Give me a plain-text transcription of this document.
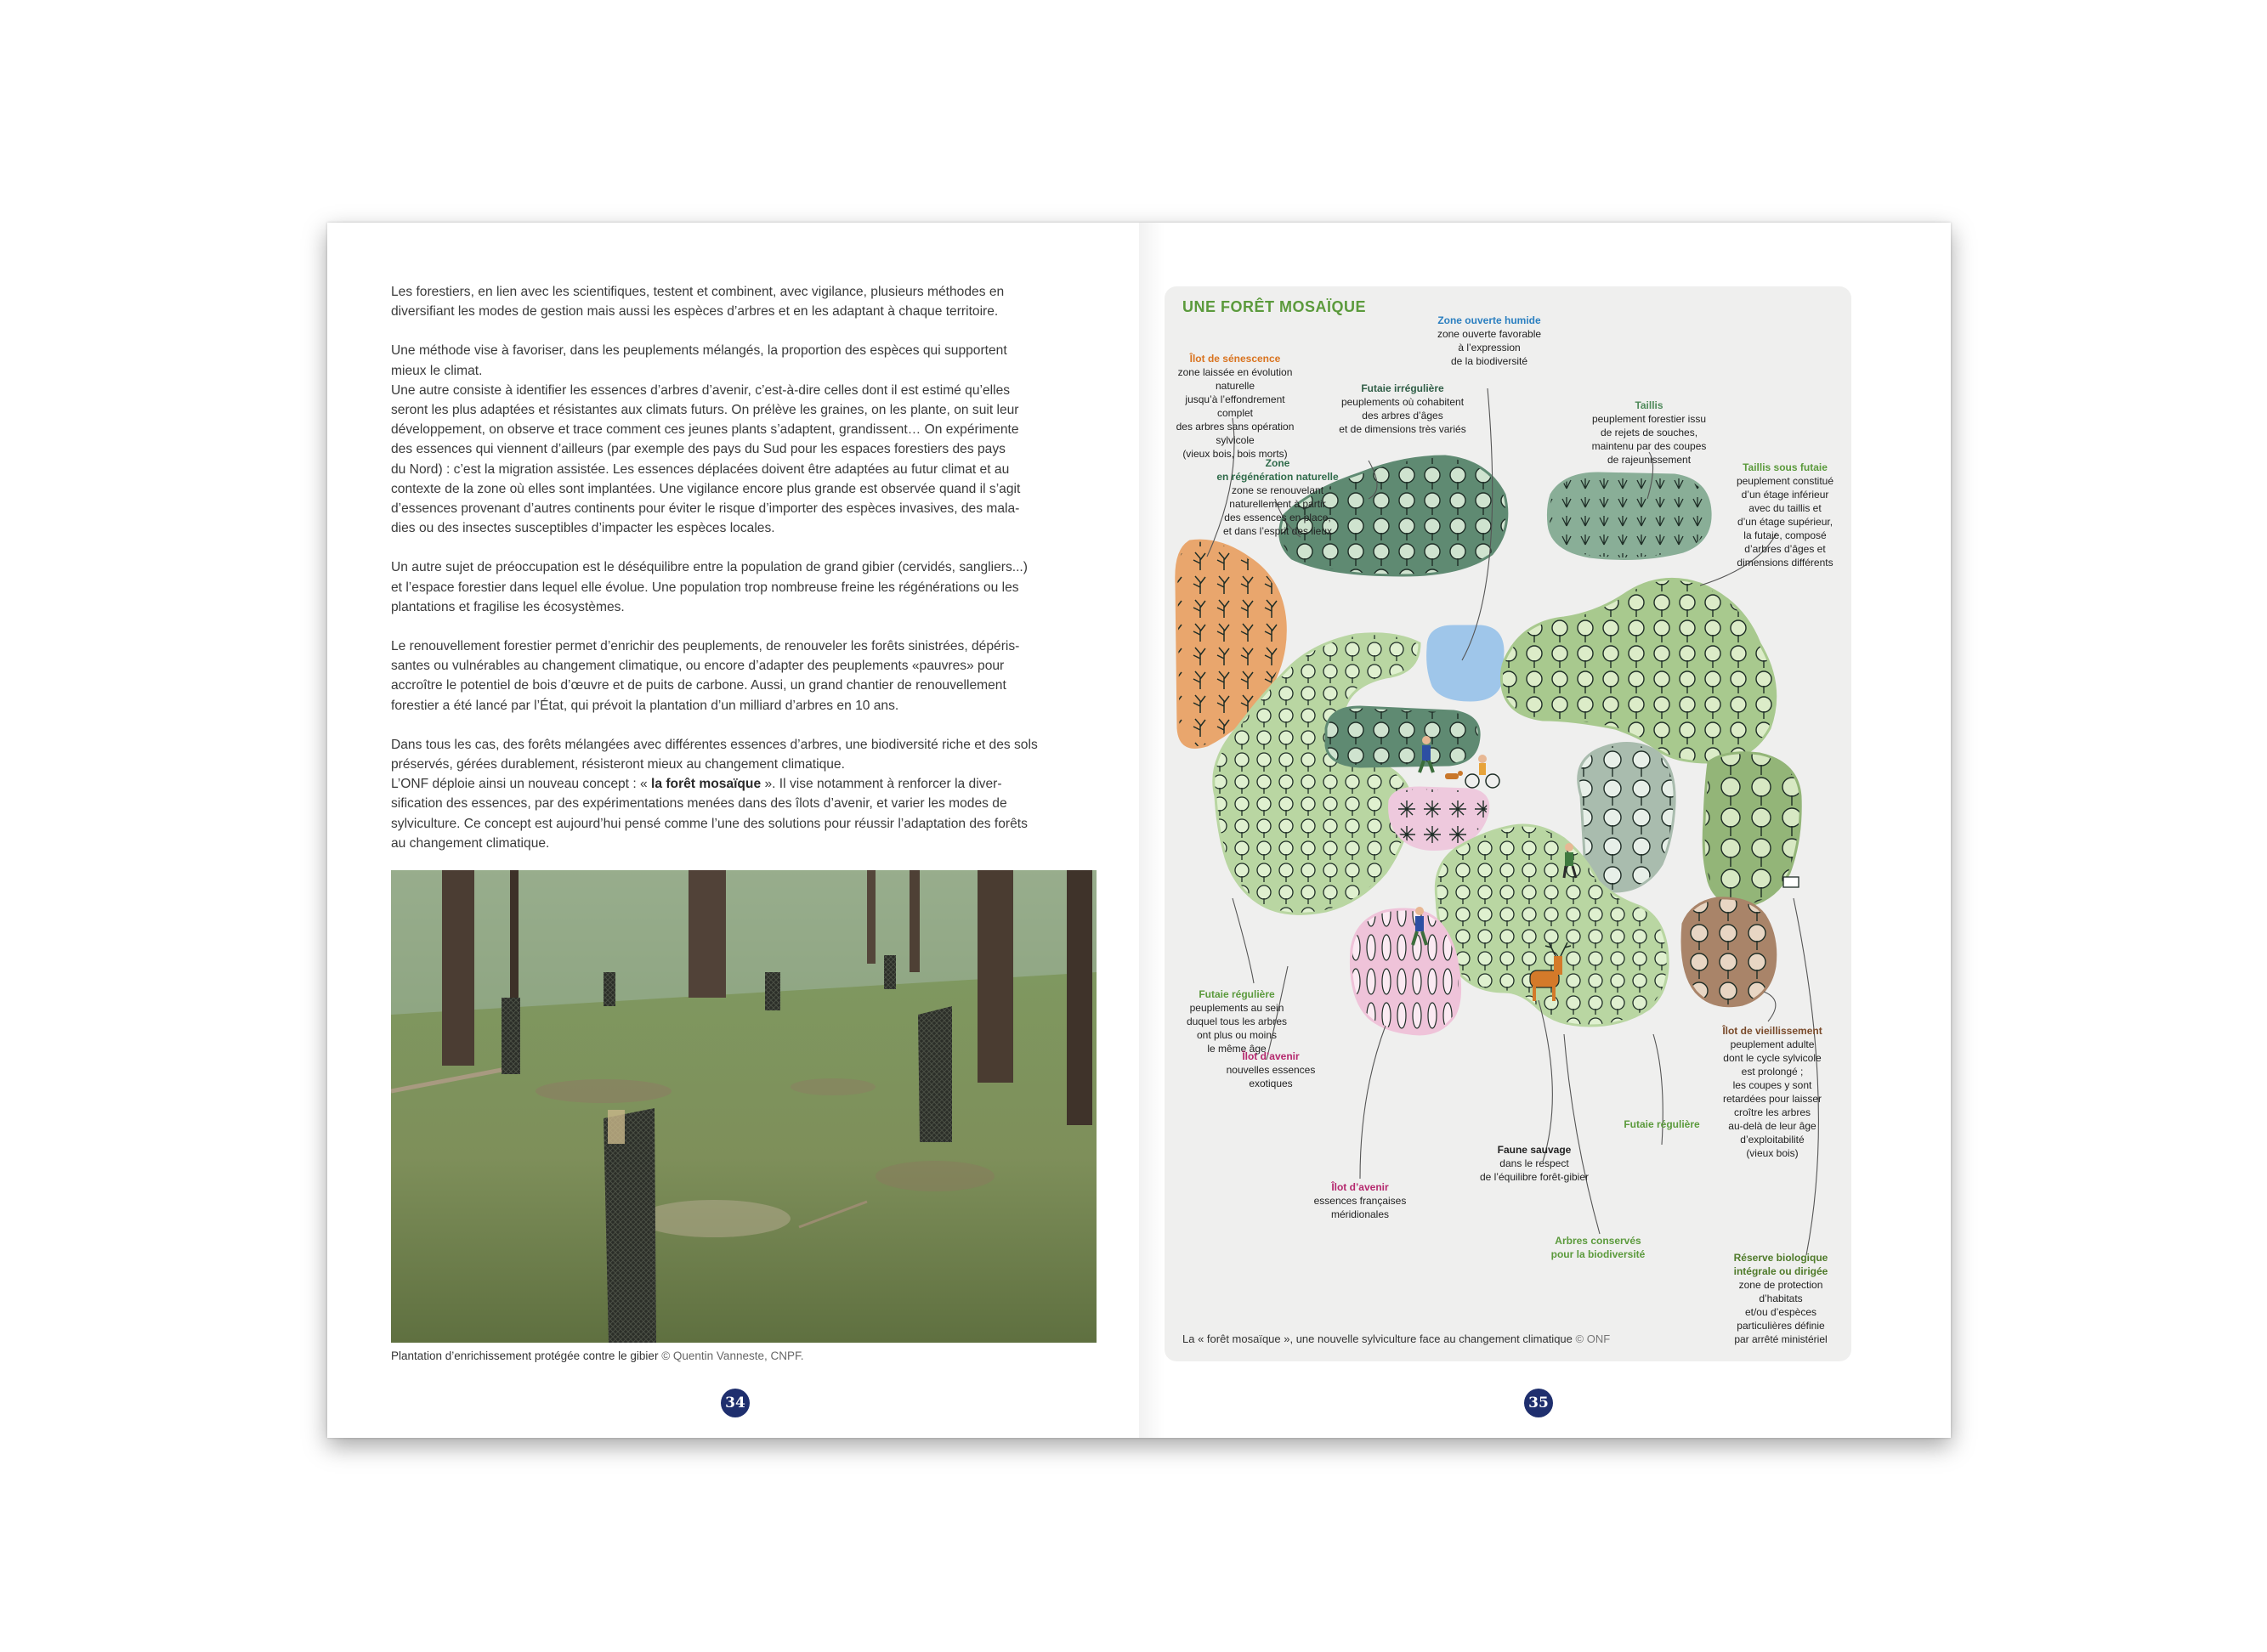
Les forestiers, en lien avec les scientifiques, testent et combinent, avec vigilance, plusieurs méthodes en
diversifiant les modes de gestion mais aussi les espèces d’arbres et en les adaptant à chaque territoire.

Une méthode vise à favoriser, dans les peuplements mélangés, la proportion des espèces qui supportent
mieux le climat.
Une autre consiste à identifier les essences d’arbres d’avenir, c’est-à-dire celles dont il est estimé qu’elles
seront les plus adaptées et résistantes aux climats futurs. On prélève les graines, on les plante, on suit leur
développement, on observe et trace comment ces jeunes plants s’adaptent, grandissent… On expérimente
des essences qui viennent d’ailleurs (par exemple des pays du Sud pour les espaces forestiers des pays
du Nord) : c’est la migration assistée. Les essences déplacées doivent être adaptées au futur climat et au
contexte de la zone où elles sont implantées. Une vigilance encore plus grande est observée quand il s’agit
d’essences provenant d’autres continents pour éviter le risque d’importer des espèces invasives, des mala-
dies ou des insectes susceptibles d’impacter les espèces locales.

Un autre sujet de préoccupation est le déséquilibre entre la population de grand gibier (cervidés, sangliers...)
et l’espace forestier dans lequel elle évolue. Une population trop nombreuse freine les régénérations ou les
plantations et fragilise les écosystèmes.

Le renouvellement forestier permet d’enrichir des peuplements, de renouveler les forêts sinistrées, dépéris-
santes ou vulnérables au changement climatique, ou encore d’adapter des peuplements «pauvres» pour
accroître le potentiel de bois d’œuvre et de puits de carbone. Aussi, un grand chantier de renouvellement
forestier a été lancé par l’État, qui prévoit la plantation d’un milliard d’arbres en 10 ans.

Dans tous les cas, des forêts mélangées avec différentes essences d’arbres, une biodiversité riche et des sols
préservés, gérées durablement, résisteront mieux au changement climatique.
L’ONF déploie ainsi un nouveau concept : « la forêt mosaïque ». Il vise notamment à renforcer la diver-
sification des essences, par des expérimentations menées dans des îlots d’avenir, et varier les modes de
sylviculture. Ce concept est aujourd’hui pensé comme l’une des solutions pour réussir l’adaptation des forêts
au changement climatique.

Plantation d’enrichissement protégée contre le gibier © Quentin Vanneste, CNPF.
34
UNE FORÊT MOSAÏQUE
Îlot de sénescence
zone laissée en évolution naturelle
jusqu’à l’effondrement complet
des arbres sans opération sylvicole
(vieux bois, bois morts)
Zone ouverte humide
zone ouverte favorable
à l’expression
de la biodiversité
Futaie irrégulière
peuplements où cohabitent
des arbres d’âges
et de dimensions très variés
Taillis
peuplement forestier issu
de rejets de souches,
maintenu par des coupes
de rajeunissement
Taillis sous futaie
peuplement constitué
d’un étage inférieur
avec du taillis et
d’un étage supérieur,
la futaie, composé
d’arbres d’âges et
dimensions différents
Zone
en régénération naturelle
zone se renouvelant
naturellement à partir
des essences en place,
et dans l’esprit des lieux
Futaie régulière
peuplements au sein
duquel tous les arbres
ont plus ou moins
le même âge
Îlot d’avenir
nouvelles essences
exotiques
Îlot d’avenir
essences françaises
méridionales
Faune sauvage
dans le respect
de l’équilibre forêt-gibier
Futaie régulière
Arbres conservés
pour la biodiversité
Îlot de vieillissement
peuplement adulte
dont le cycle sylvicole
est prolongé ;
les coupes y sont
retardées pour laisser
croître les arbres
au-delà de leur âge
d’exploitabilité
(vieux bois)
Réserve biologique
intégrale ou dirigée
zone de protection
d’habitats
et/ou d’espèces
particulières définie
par arrêté ministériel
La « forêt mosaïque », une nouvelle sylviculture face au changement climatique © ONF
35
